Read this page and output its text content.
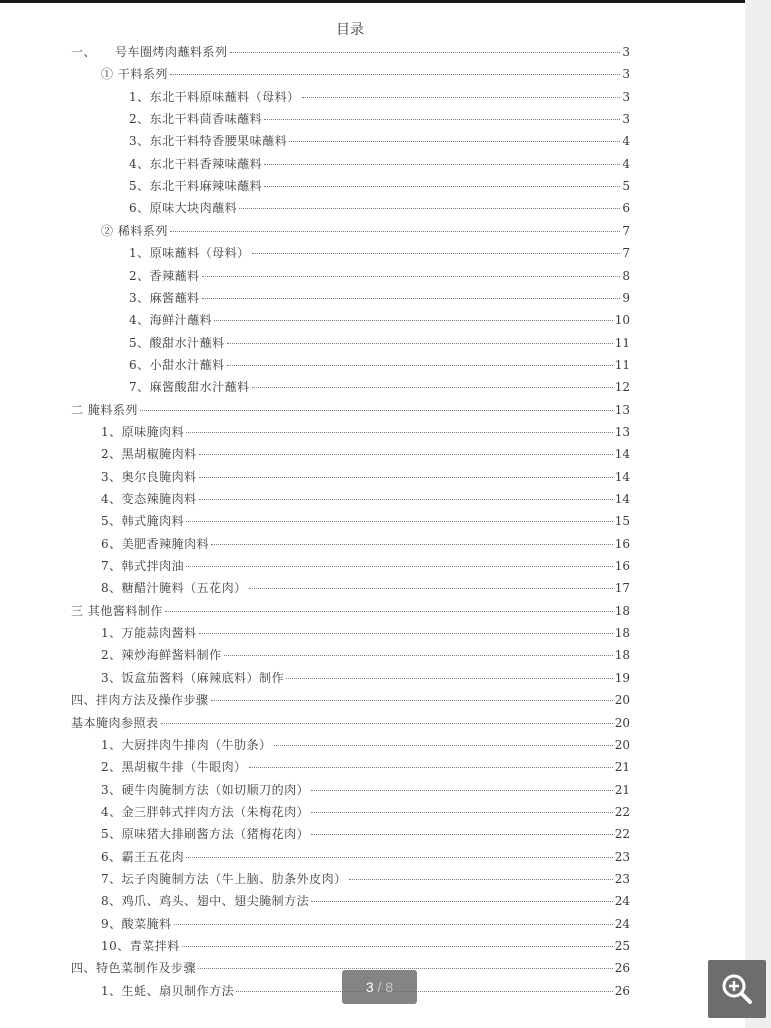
目录
一、　　号车圈烤肉蘸料系列	3
① 干料系列	3
1、东北干料原味蘸料（母料）	3
2、东北干料茴香味蘸料	3
3、东北干料特香腰果味蘸料	4
4、东北干料香辣味蘸料	4
5、东北干料麻辣味蘸料	5
6、原味大块肉蘸料	6
② 稀料系列	7
1、原味蘸料（母料）	7
2、香辣蘸料	8
3、麻酱蘸料	9
4、海鲜汁蘸料	10
5、酸甜水汁蘸料	11
6、小甜水汁蘸料	11
7、麻酱酸甜水汁蘸料	12
二 腌料系列	13
1、原味腌肉料	13
2、黑胡椒腌肉料	14
3、奥尔良腌肉料	14
4、变态辣腌肉料	14
5、韩式腌肉料	15
6、美肥香辣腌肉料	16
7、韩式拌肉油	16
8、糖醋汁腌料（五花肉）	17
三 其他酱料制作	18
1、万能蒜肉酱料	18
2、辣炒海鲜酱料制作	18
3、饭盒茄酱料（麻辣底料）制作	19
四、拌肉方法及操作步骤	20
基本腌肉参照表	20
1、大厨拌肉牛排肉（牛肋条）	20
2、黑胡椒牛排（牛眼肉）	21
3、硬牛肉腌制方法（如切顺刀的肉）	21
4、金三胖韩式拌肉方法（朱梅花肉）	22
5、原味猪大排刷酱方法（猪梅花肉）	22
6、霸王五花肉	23
7、坛子肉腌制方法（牛上脑、肋条外皮肉）	23
8、鸡爪、鸡头、翅中、翅尖腌制方法	24
9、酸菜腌料	24
10、青菜拌料	25
四、特色菜制作及步骤	26
1、生蚝、扇贝制作方法	26
3 / 8
